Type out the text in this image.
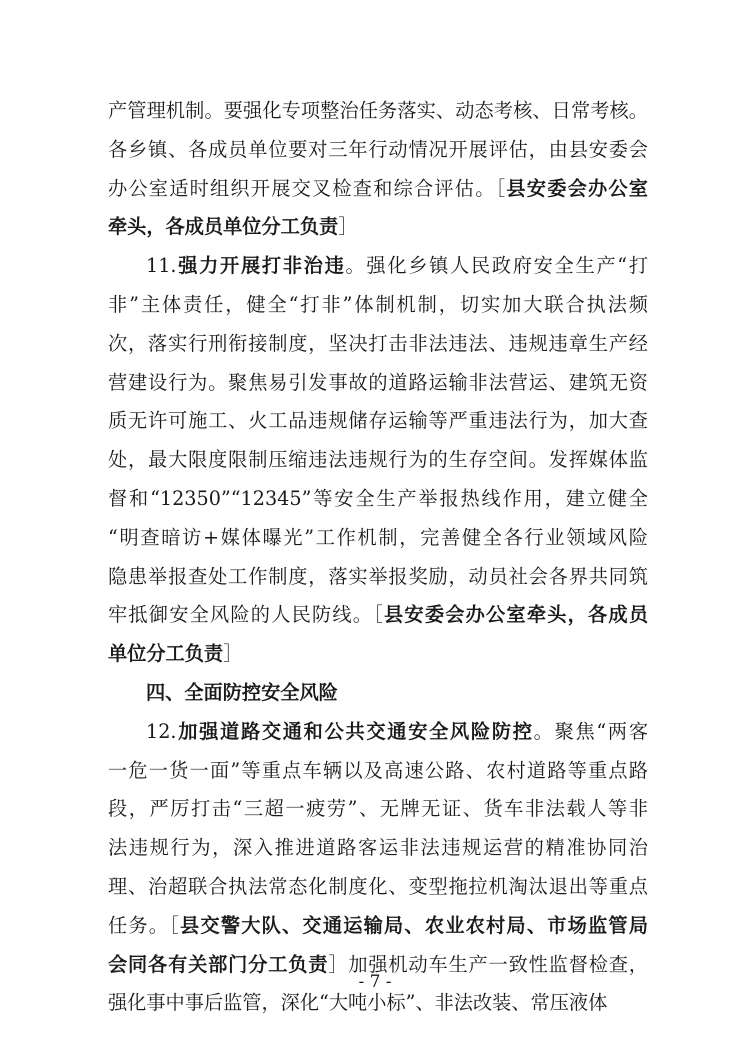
产管理机制。要强化专项整治任务落实、动态考核、日常考核。
各乡镇、各成员单位要对三年行动情况开展评估，由县安委会
办公室适时组织开展交叉检查和综合评估。［县安委会办公室
牵头，各成员单位分工负责］
11.强力开展打非治违。强化乡镇人民政府安全生产“打
非”主体责任，健全“打非”体制机制，切实加大联合执法频
次，落实行刑衔接制度，坚决打击非法违法、违规违章生产经
营建设行为。聚焦易引发事故的道路运输非法营运、建筑无资
质无许可施工、火工品违规储存运输等严重违法行为，加大查
处，最大限度限制压缩违法违规行为的生存空间。发挥媒体监
督和“12350”“12345”等安全生产举报热线作用，建立健全
“明查暗访+媒体曝光”工作机制，完善健全各行业领域风险
隐患举报查处工作制度，落实举报奖励，动员社会各界共同筑
牢抵御安全风险的人民防线。［县安委会办公室牵头，各成员
单位分工负责］
四、全面防控安全风险
12.加强道路交通和公共交通安全风险防控。聚焦“两客
一危一货一面”等重点车辆以及高速公路、农村道路等重点路
段，严厉打击“三超一疲劳”、无牌无证、货车非法载人等非
法违规行为，深入推进道路客运非法违规运营的精准协同治
理、治超联合执法常态化制度化、变型拖拉机淘汰退出等重点
任务。［县交警大队、交通运输局、农业农村局、市场监管局
会同各有关部门分工负责］加强机动车生产一致性监督检查，
强化事中事后监管，深化“大吨小标”、非法改装、常压液体
- 7 -
